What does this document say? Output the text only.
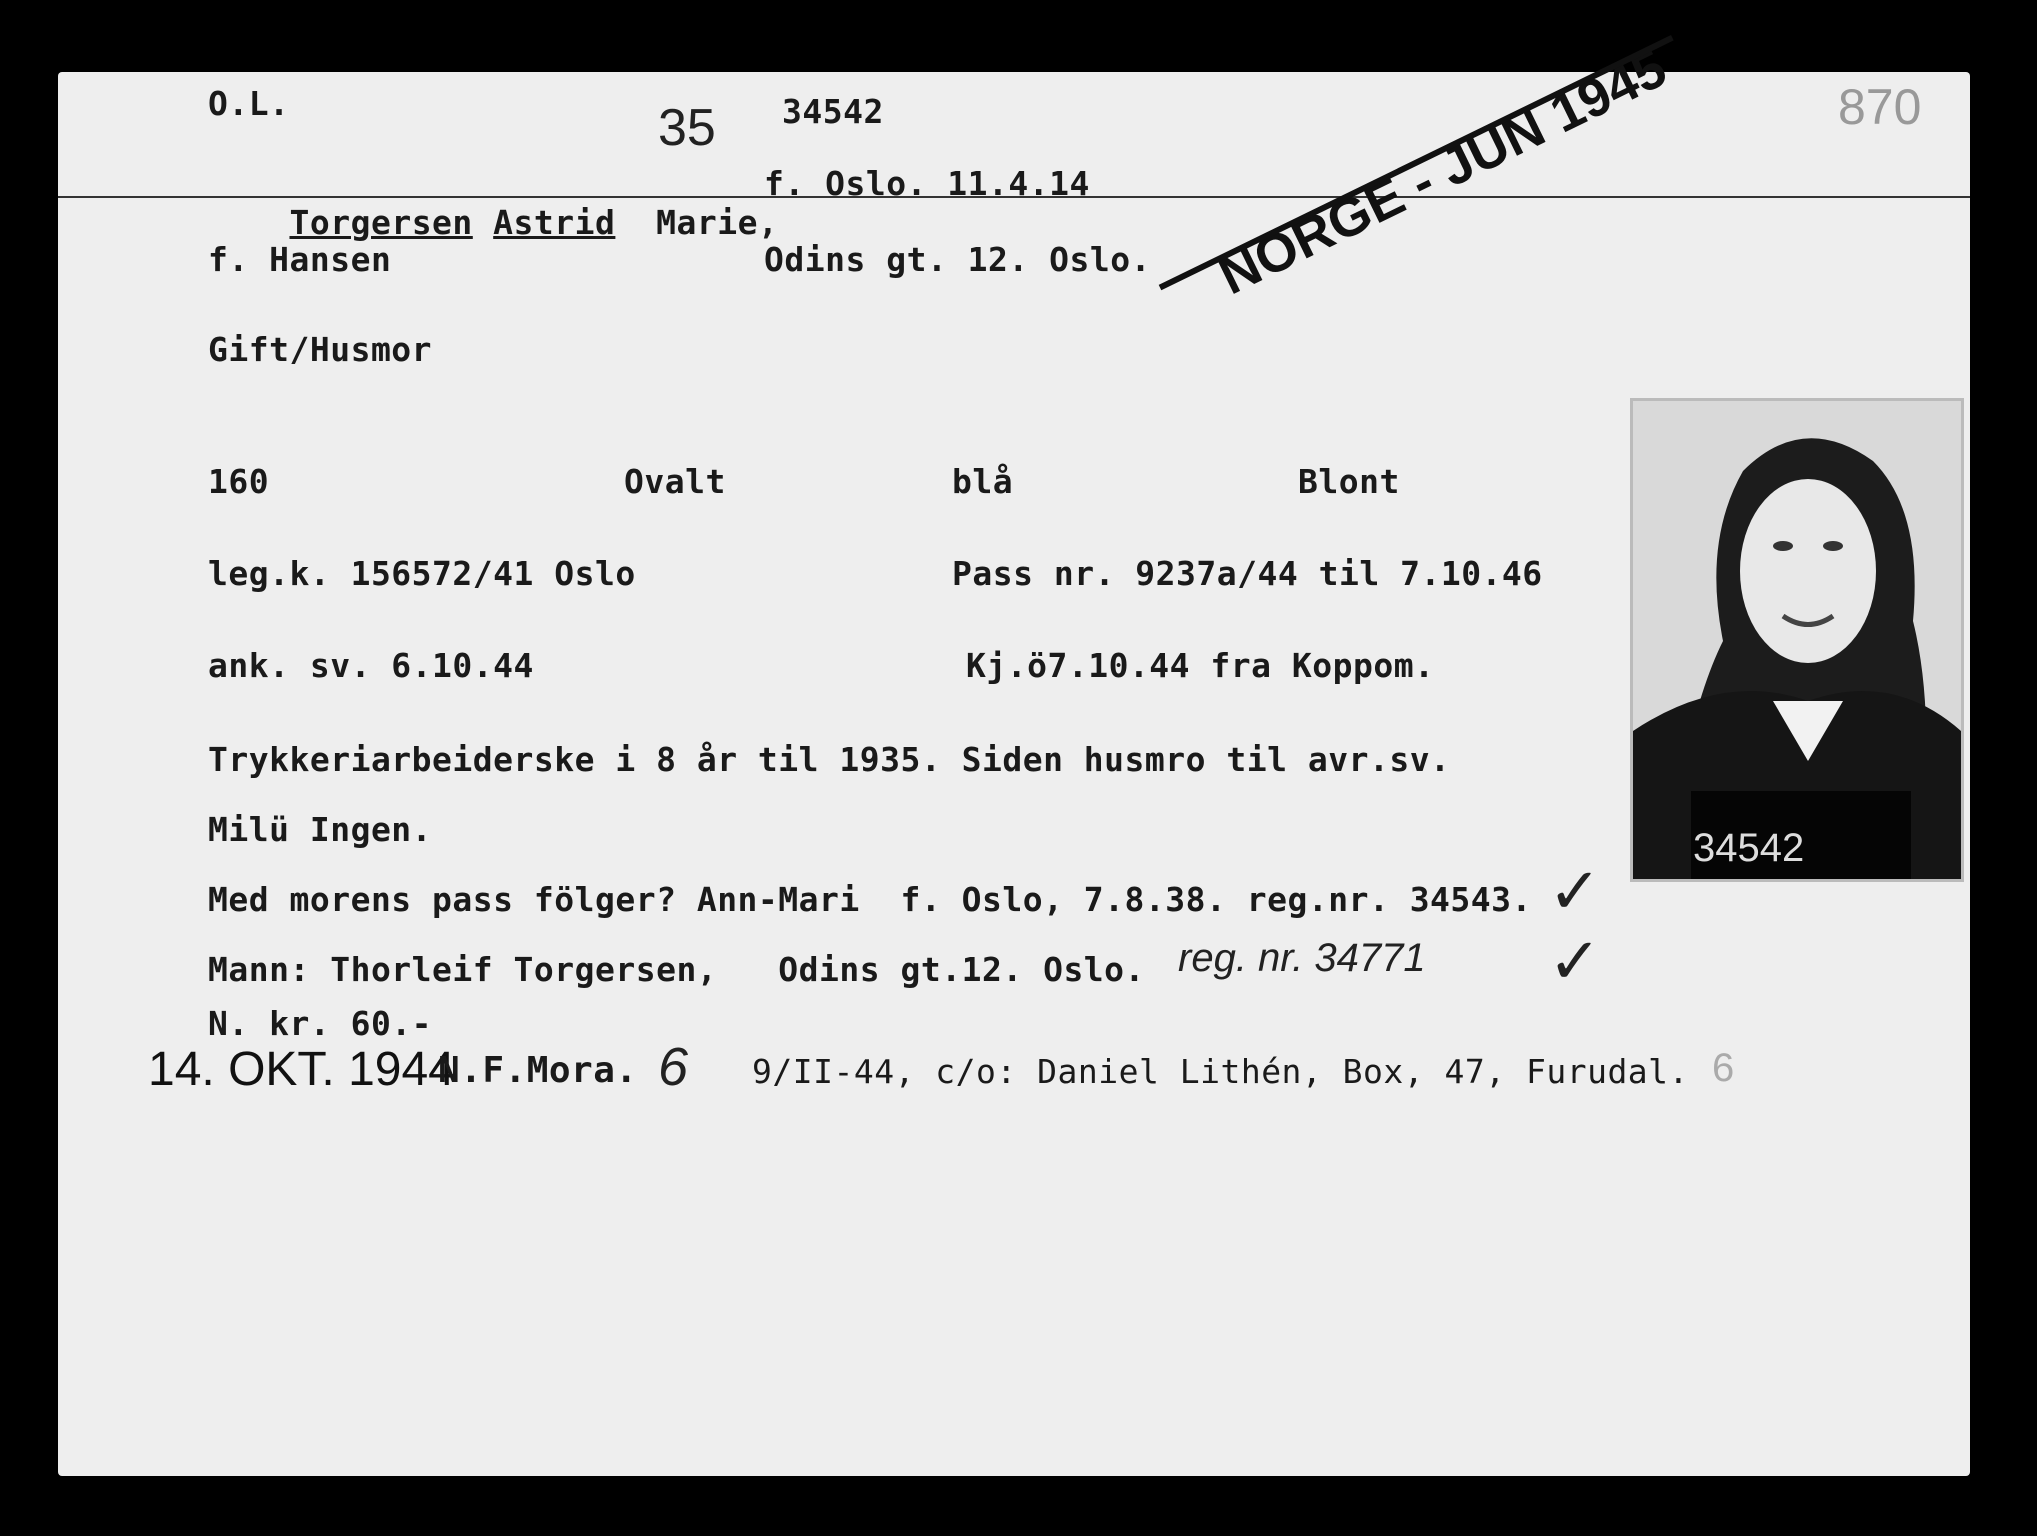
O.L.	35 34542	870

Torgersen Astrid Marie,

f. Oslo. 11.4.14
f. Hansen	Odins gt. 12. Oslo.
Gift/Husmor

NORGE - JUN 1945

160	Ovalt	blå	Blont
leg.k. 156572/41 Oslo	Pass nr. 9237a/44 til 7.10.46
ank. sv. 6.10.44	Kj.ö7.10.44 fra Koppom.
Trykkeriarbeiderske i 8 år til 1935. Siden husmro til avr.sv.
Milü Ingen.
Med morens pass fölger? Ann-Mari  f. Oslo, 7.8.38. reg.nr. 34543. ✓
Mann: Thorleif Torgersen,   Odins gt.12. Oslo. reg. nr. 34771 ✓
N. kr. 60.-
14. OKT. 1944
N.F.Mora. 6 9/II-44, c/o: Daniel Lithén, Box, 47, Furudal. 6
34542
